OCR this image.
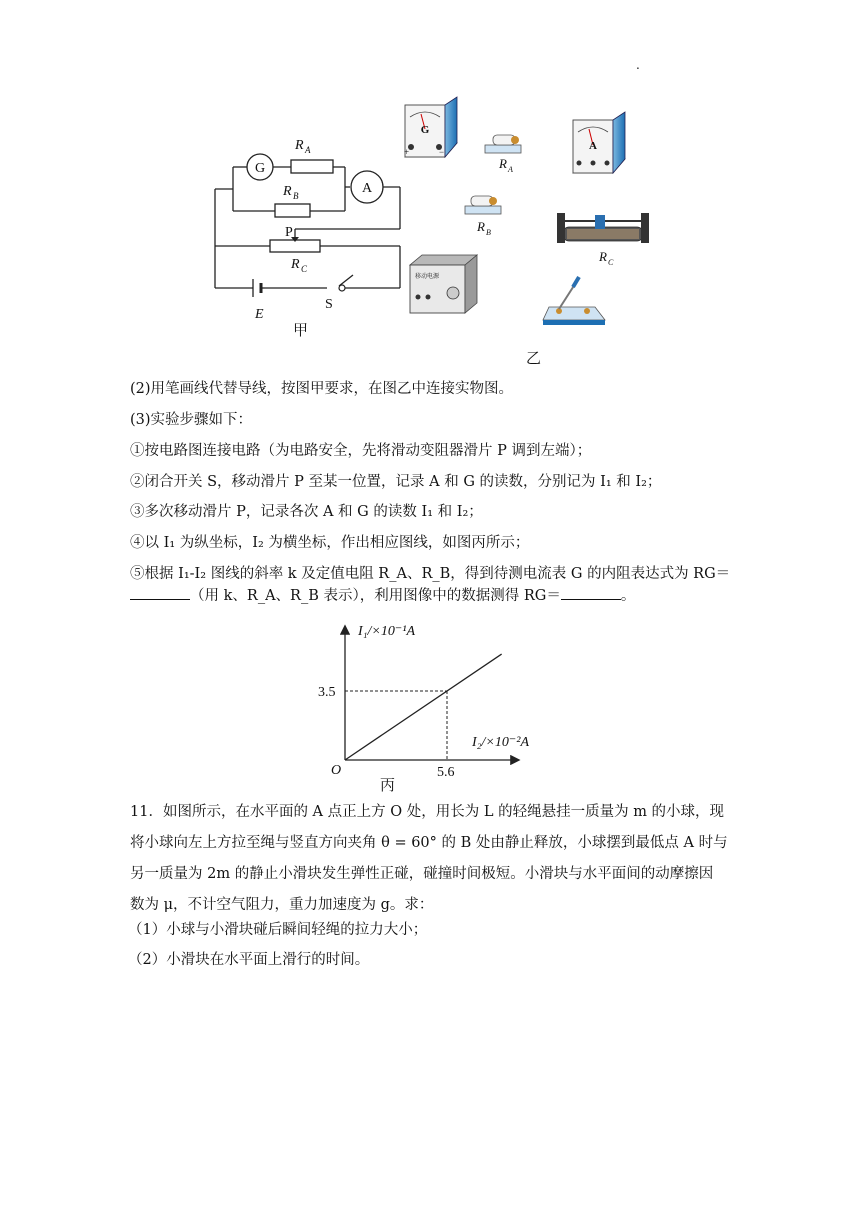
.
G
A
R A
R B
P
R C
E
S
甲
G
+	−
R A
A
R B
R C
移动电源
乙
(2)用笔画线代替导线，按图甲要求，在图乙中连接实物图。
(3)实验步骤如下：
①按电路图连接电路（为电路安全，先将滑动变阻器滑片 P 调到左端）；
②闭合开关 S，移动滑片 P 至某一位置，记录 A 和 G 的读数，分别记为 I₁ 和 I₂；
③多次移动滑片 P，记录各次 A 和 G 的读数 I₁ 和 I₂；
④以 I₁ 为纵坐标，I₂ 为横坐标，作出相应图线，如图丙所示；
⑤根据 I₁-I₂ 图线的斜率 k 及定值电阻 R_A、R_B，得到待测电流表 G 的内阻表达式为 RG＝
（用 k、R_A、R_B 表示），利用图像中的数据测得 RG＝	。
I₁/×10⁻¹A
I₂/×10⁻²A
O
丙
3.5
5.6
11．如图所示，在水平面的 A 点正上方 O 处，用长为 L 的轻绳悬挂一质量为 m 的小球，现
将小球向左上方拉至绳与竖直方向夹角 θ = 60° 的 B 处由静止释放，小球摆到最低点 A 时与
另一质量为 2m 的静止小滑块发生弹性正碰，碰撞时间极短。小滑块与水平面间的动摩擦因
数为 μ，不计空气阻力，重力加速度为 g。求：
（1）小球与小滑块碰后瞬间轻绳的拉力大小；
（2）小滑块在水平面上滑行的时间。
